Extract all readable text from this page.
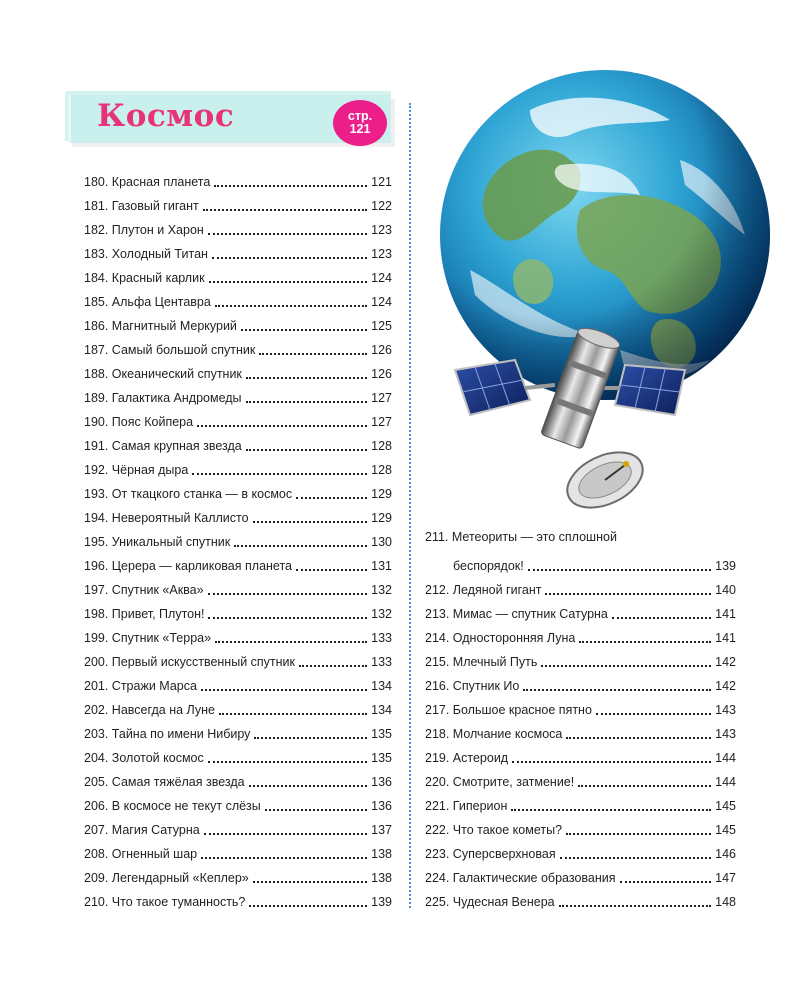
Космос	стр.
121
180. Красная планета	121
181. Газовый гигант	122
182. Плутон и Харон	123
183. Холодный Титан	123
184. Красный карлик	124
185. Альфа Центавра	124
186. Магнитный Меркурий	125
187. Самый большой спутник	126
188. Океанический спутник	126
189. Галактика Андромеды	127
190. Пояс Койпера	127
191. Самая крупная звезда	128
192. Чёрная дыра	128
193. От ткацкого станка — в космос	129
194. Невероятный Каллисто	129
195. Уникальный спутник	130
196. Церера — карликовая планета	131
197. Спутник «Аква»	132
198. Привет, Плутон!	132
199. Спутник «Терра»	133
200. Первый искусственный спутник	133
201. Стражи Марса	134
202. Навсегда на Луне	134
203. Тайна по имени Нибиру	135
204. Золотой космос	135
205. Самая тяжёлая звезда	136
206. В космосе не текут слёзы	136
207. Магия Сатурна	137
208. Огненный шар	138
209. Легендарный «Кеплер»	138
210. Что такое туманность?	139
211. Метеориты — это сплошной
беспорядок!	139
212. Ледяной гигант	140
213. Мимас — спутник Сатурна	141
214. Односторонняя Луна	141
215. Млечный Путь	142
216. Спутник Ио	142
217. Большое красное пятно	143
218. Молчание космоса	143
219. Астероид	144
220. Смотрите, затмение!	144
221. Гиперион	145
222. Что такое кометы?	145
223. Суперсверхновая	146
224. Галактические образования	147
225. Чудесная Венера	148
